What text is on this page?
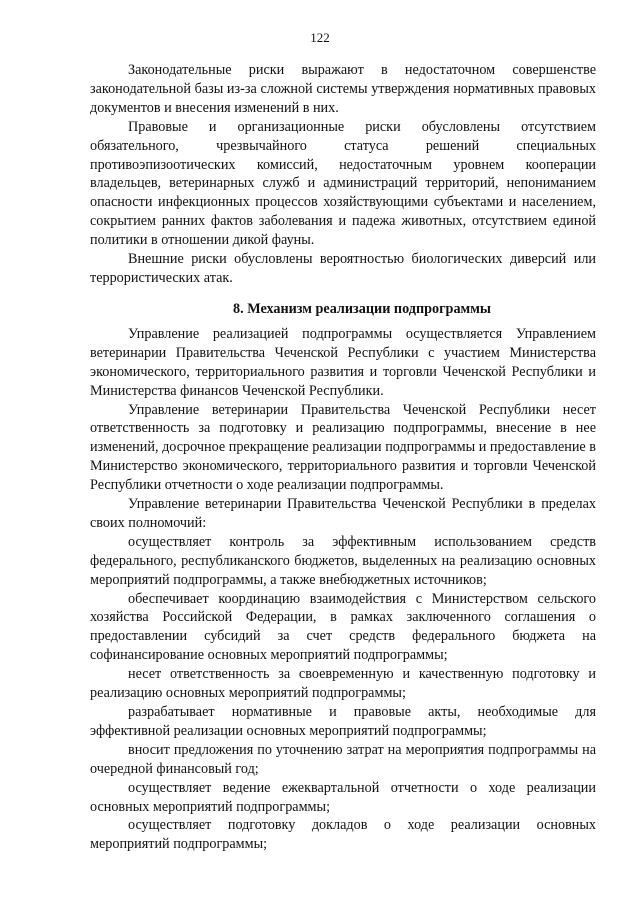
122

Законодательные риски выражают в недостаточном совершенстве законодательной базы из-за сложной системы утверждения нормативных правовых документов и внесения изменений в них.

Правовые и организационные риски обусловлены отсутствием обязательного, чрезвычайного статуса решений специальных противоэпизоотических комиссий, недостаточным уровнем кооперации владельцев, ветеринарных служб и администраций территорий, непониманием опасности инфекционных процессов хозяйствующими субъектами и населением, сокрытием ранних фактов заболевания и падежа животных, отсутствием единой политики в отношении дикой фауны.

Внешние риски обусловлены вероятностью биологических диверсий или террористических атак.

8. Механизм реализации подпрограммы

Управление реализацией подпрограммы осуществляется Управлением ветеринарии Правительства Чеченской Республики с участием Министерства экономического, территориального развития и торговли Чеченской Республики и Министерства финансов Чеченской Республики.

Управление ветеринарии Правительства Чеченской Республики несет ответственность за подготовку и реализацию подпрограммы, внесение в нее изменений, досрочное прекращение реализации подпрограммы и предоставление в Министерство экономического, территориального развития и торговли Чеченской Республики отчетности о ходе реализации подпрограммы.

Управление ветеринарии Правительства Чеченской Республики в пределах своих полномочий:

осуществляет контроль за эффективным использованием средств федерального, республиканского бюджетов, выделенных на реализацию основных мероприятий подпрограммы, а также внебюджетных источников;

обеспечивает координацию взаимодействия с Министерством сельского хозяйства Российской Федерации, в рамках заключенного соглашения о предоставлении субсидий за счет средств федерального бюджета на софинансирование основных мероприятий подпрограммы;

несет ответственность за своевременную и качественную подготовку и реализацию основных мероприятий подпрограммы;

разрабатывает нормативные и правовые акты, необходимые для эффективной реализации основных мероприятий подпрограммы;

вносит предложения по уточнению затрат на мероприятия подпрограммы на очередной финансовый год;

осуществляет ведение ежеквартальной отчетности о ходе реализации основных мероприятий подпрограммы;

осуществляет подготовку докладов о ходе реализации основных мероприятий подпрограммы;
